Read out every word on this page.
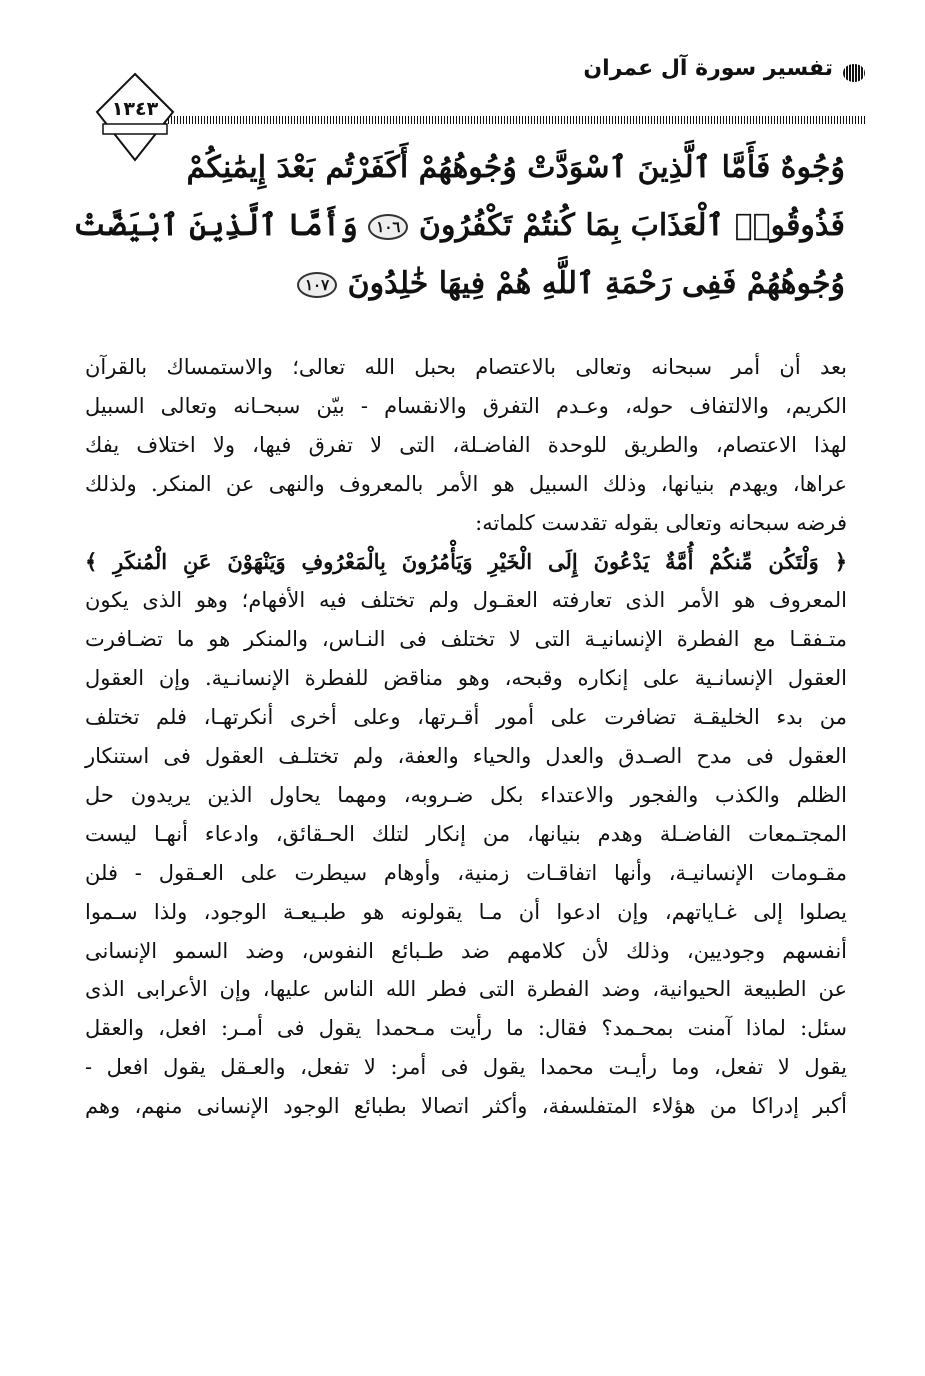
تفسير سورة آل عمران
١٣٤٣
وُجُوهٌ فَأَمَّا ٱلَّذِينَ ٱسْوَدَّتْ وُجُوهُهُمْ أَكَفَرْتُم بَعْدَ إِيمَٰنِكُمْ
فَذُوقُوا۟ ٱلْعَذَابَ بِمَا كُنتُمْ تَكْفُرُونَ ١٠٦ وَأَمَّا ٱلَّذِينَ ٱبْيَضَّتْ
وُجُوهُهُمْ فَفِى رَحْمَةِ ٱللَّهِ هُمْ فِيهَا خَٰلِدُونَ ١٠٧
بعد أن أمر سبحانه وتعالى بالاعتصام بحبل الله تعالى؛ والاستمساك بالقرآن
الكريم، والالتفاف حوله، وعـدم التفرق والانقسام - بيّن سبحـانه وتعالى السبيل
لهذا الاعتصام، والطريق للوحدة الفاضـلة، التى لا تفرق فيها، ولا اختلاف يفك
عراها، ويهدم بنيانها، وذلك السبيل هو الأمر بالمعروف والنهى عن المنكر. ولذلك
فرضه سبحانه وتعالى بقوله تقدست كلماته:
﴿ وَلْتَكُن مِّنكُمْ أُمَّةٌ يَدْعُونَ إِلَى الْخَيْرِ وَيَأْمُرُونَ بِالْمَعْرُوفِ وَيَنْهَوْنَ عَنِ الْمُنكَرِ ﴾
المعروف هو الأمر الذى تعارفته العقـول ولم تختلف فيه الأفهام؛ وهو الذى يكون
متـفقـا مع الفطرة الإنسانيـة التى لا تختلف فى النـاس، والمنكر هو ما تضـافرت
العقول الإنسانـية على إنكاره وقبحه، وهو مناقض للفطرة الإنسانـية. وإن العقول
من بدء الخليقـة تضافرت على أمور أقـرتها، وعلى أخرى أنكرتهـا، فلم تختلف
العقول فى مدح الصـدق والعدل والحياء والعفة، ولم تختلـف العقول فى استنكار
الظلم والكذب والفجور والاعتداء بكل ضـروبه، ومهما يحاول الذين يريدون حل
المجتـمعات الفاضـلة وهدم بنيانها، من إنكار لتلك الحـقائق، وادعاء أنهـا ليست
مقـومات الإنسانيـة، وأنها اتفاقـات زمنية، وأوهام سيطرت على العـقول - فلن
يصلوا إلى غـاياتهم، وإن ادعوا أن مـا يقولونه هو طبـيعـة الوجود، ولذا سـموا
أنفسهم وجوديين، وذلك لأن كلامهم ضد طـبائع النفوس، وضد السمو الإنسانى
عن الطبيعة الحيوانية، وضد الفطرة التى فطر الله الناس عليها، وإن الأعرابى الذى
سئل: لماذا آمنت بمحـمد؟ فقال: ما رأيت مـحمدا يقول فى أمـر: افعل، والعقل
يقول لا تفعل، وما رأيـت محمدا يقول فى أمر: لا تفعل، والعـقل يقول افعل -
أكبر إدراكا من هؤلاء المتفلسفة، وأكثر اتصالا بطبائع الوجود الإنسانى منهم، وهم
